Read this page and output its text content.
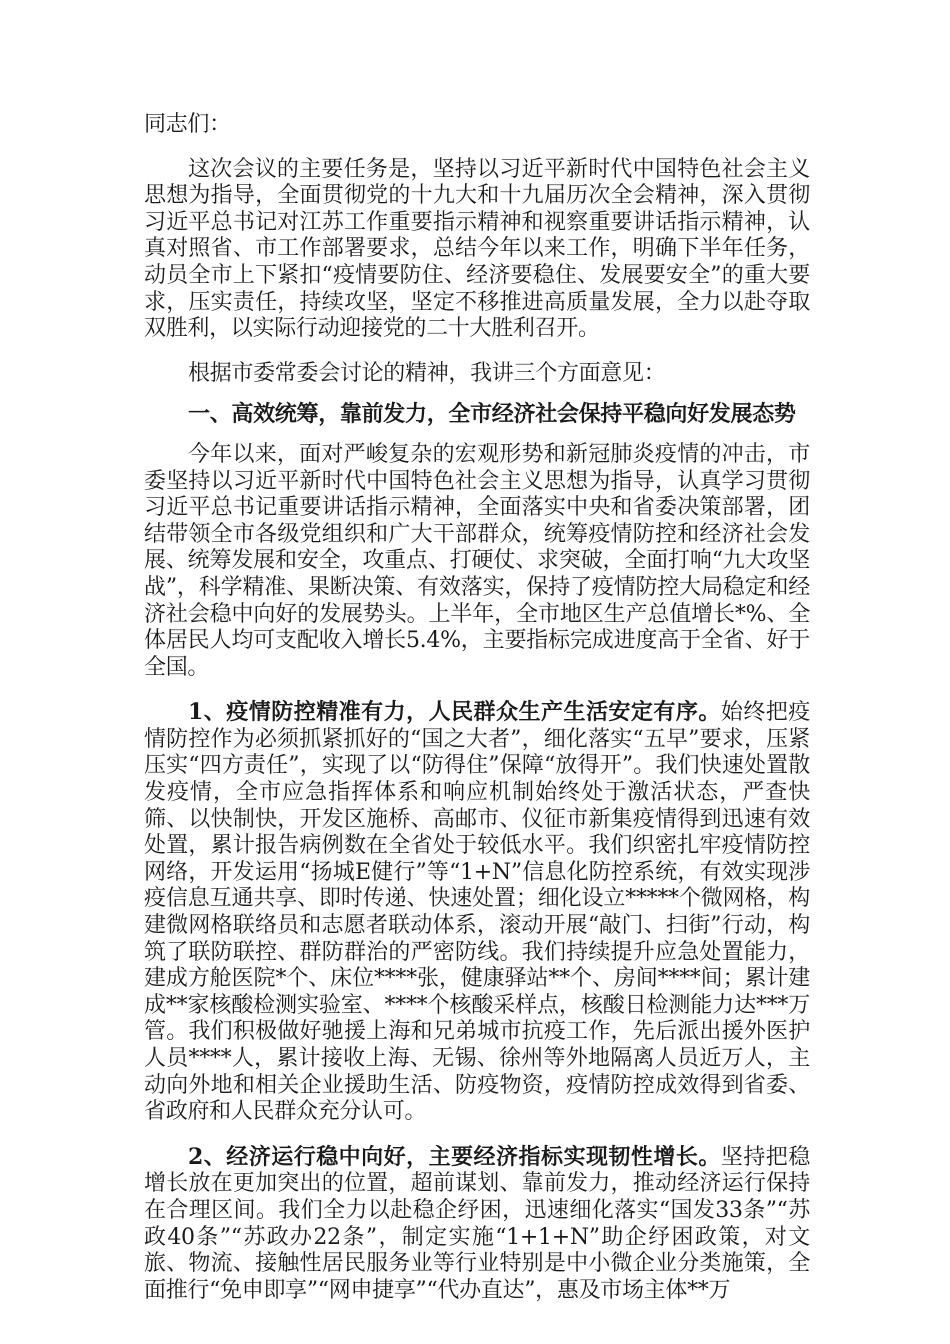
同志们：

这次会议的主要任务是，坚持以习近平新时代中国特色社会主义思想为指导，全面贯彻党的十九大和十九届历次全会精神，深入贯彻习近平总书记对江苏工作重要指示精神和视察重要讲话指示精神，认真对照省、市工作部署要求，总结今年以来工作，明确下半年任务，动员全市上下紧扣“疫情要防住、经济要稳住、发展要安全”的重大要求，压实责任，持续攻坚，坚定不移推进高质量发展，全力以赴夺取双胜利，以实际行动迎接党的二十大胜利召开。

根据市委常委会讨论的精神，我讲三个方面意见：

一、高效统筹，靠前发力，全市经济社会保持平稳向好发展态势

今年以来，面对严峻复杂的宏观形势和新冠肺炎疫情的冲击，市委坚持以习近平新时代中国特色社会主义思想为指导，认真学习贯彻习近平总书记重要讲话指示精神，全面落实中央和省委决策部署，团结带领全市各级党组织和广大干部群众，统筹疫情防控和经济社会发展、统筹发展和安全，攻重点、打硬仗、求突破，全面打响“九大攻坚战”，科学精准、果断决策、有效落实，保持了疫情防控大局稳定和经济社会稳中向好的发展势头。上半年，全市地区生产总值增长*%、全体居民人均可支配收入增长5.4%，主要指标完成进度高于全省、好于全国。

1、疫情防控精准有力，人民群众生产生活安定有序。始终把疫情防控作为必须抓紧抓好的“国之大者”，细化落实“五早”要求，压紧压实“四方责任”，实现了以“防得住”保障“放得开”。我们快速处置散发疫情，全市应急指挥体系和响应机制始终处于激活状态，严查快筛、以快制快，开发区施桥、高邮市、仪征市新集疫情得到迅速有效处置，累计报告病例数在全省处于较低水平。我们织密扎牢疫情防控网络，开发运用“扬城E健行”等“1+N”信息化防控系统，有效实现涉疫信息互通共享、即时传递、快速处置；细化设立*****个微网格，构建微网格联络员和志愿者联动体系，滚动开展“敲门、扫街”行动，构筑了联防联控、群防群治的严密防线。我们持续提升应急处置能力，建成方舱医院*个、床位****张，健康驿站**个、房间****间；累计建成**家核酸检测实验室、****个核酸采样点，核酸日检测能力达***万管。我们积极做好驰援上海和兄弟城市抗疫工作，先后派出援外医护人员****人，累计接收上海、无锡、徐州等外地隔离人员近万人，主动向外地和相关企业援助生活、防疫物资，疫情防控成效得到省委、省政府和人民群众充分认可。

2、经济运行稳中向好，主要经济指标实现韧性增长。坚持把稳增长放在更加突出的位置，超前谋划、靠前发力，推动经济运行保持在合理区间。我们全力以赴稳企纾困，迅速细化落实“国发33条”“苏政40条”“苏政办22条”，制定实施“1+1+N”助企纾困政策，对文旅、物流、接触性居民服务业等行业特别是中小微企业分类施策，全面推行“免申即享”“网申捷享”“代办直达”，惠及市场主体**万
